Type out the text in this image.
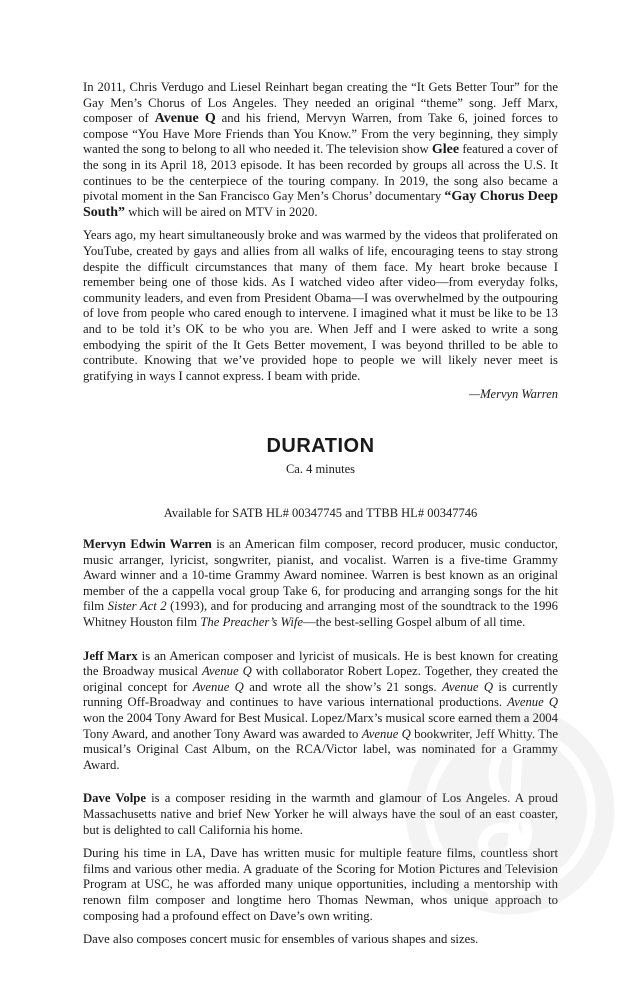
In 2011, Chris Verdugo and Liesel Reinhart began creating the “It Gets Better Tour” for the Gay Men’s Chorus of Los Angeles. They needed an original “theme” song. Jeff Marx, composer of Avenue Q and his friend, Mervyn Warren, from Take 6, joined forces to compose “You Have More Friends than You Know.” From the very beginning, they simply wanted the song to belong to all who needed it. The television show Glee featured a cover of the song in its April 18, 2013 episode. It has been recorded by groups all across the U.S. It continues to be the centerpiece of the touring company. In 2019, the song also became a pivotal moment in the San Francisco Gay Men’s Chorus’ documentary “Gay Chorus Deep South” which will be aired on MTV in 2020.

Years ago, my heart simultaneously broke and was warmed by the videos that proliferated on YouTube, created by gays and allies from all walks of life, encouraging teens to stay strong despite the difficult circumstances that many of them face. My heart broke because I remember being one of those kids. As I watched video after video—from everyday folks, community leaders, and even from President Obama—I was overwhelmed by the outpouring of love from people who cared enough to intervene. I imagined what it must be like to be 13 and to be told it’s OK to be who you are. When Jeff and I were asked to write a song embodying the spirit of the It Gets Better movement, I was beyond thrilled to be able to contribute. Knowing that we’ve provided hope to people we will likely never meet is gratifying in ways I cannot express. I beam with pride.

—Mervyn Warren

DURATION

Ca. 4 minutes

Available for SATB HL# 00347745 and TTBB HL# 00347746

Mervyn Edwin Warren is an American film composer, record producer, music conductor, music arranger, lyricist, songwriter, pianist, and vocalist. Warren is a five-time Grammy Award winner and a 10-time Grammy Award nominee. Warren is best known as an original member of the a cappella vocal group Take 6, for producing and arranging songs for the hit film Sister Act 2 (1993), and for producing and arranging most of the soundtrack to the 1996 Whitney Houston film The Preacher’s Wife—the best-selling Gospel album of all time.

Jeff Marx is an American composer and lyricist of musicals. He is best known for creating the Broadway musical Avenue Q with collaborator Robert Lopez. Together, they created the original concept for Avenue Q and wrote all the show’s 21 songs. Avenue Q is currently running Off-Broadway and continues to have various international productions. Avenue Q won the 2004 Tony Award for Best Musical. Lopez/Marx’s musical score earned them a 2004 Tony Award, and another Tony Award was awarded to Avenue Q bookwriter, Jeff Whitty. The musical’s Original Cast Album, on the RCA/Victor label, was nominated for a Grammy Award.

Dave Volpe is a composer residing in the warmth and glamour of Los Angeles. A proud Massachusetts native and brief New Yorker he will always have the soul of an east coaster, but is delighted to call California his home.

During his time in LA, Dave has written music for multiple feature films, countless short films and various other media. A graduate of the Scoring for Motion Pictures and Television Program at USC, he was afforded many unique opportunities, including a mentorship with renown film composer and longtime hero Thomas Newman, whos unique approach to composing had a profound effect on Dave’s own writing.

Dave also composes concert music for ensembles of various shapes and sizes.
